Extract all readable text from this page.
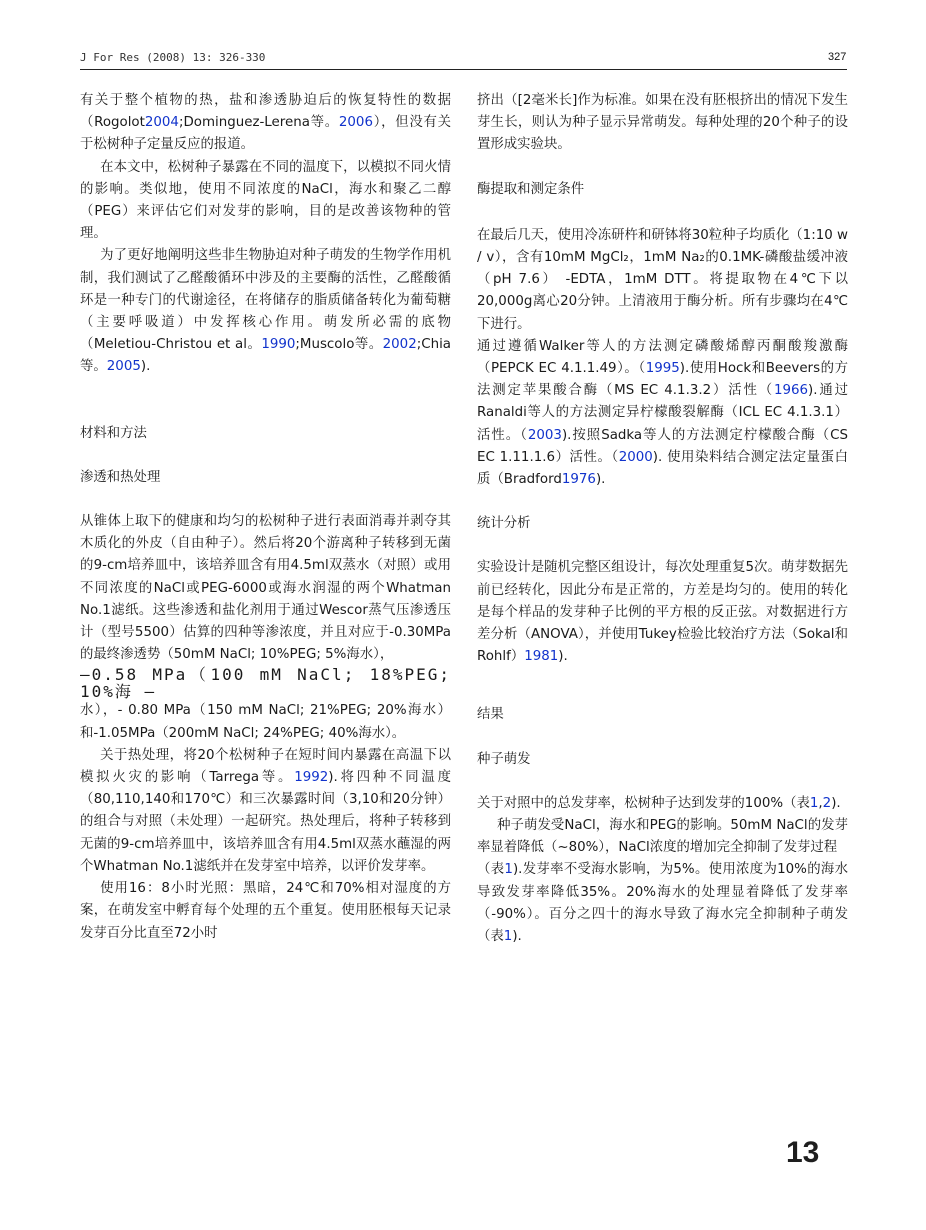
J For Res (2008) 13: 326-330	327

有关于整个植物的热，盐和渗透胁迫后的恢复特性的数据（Rogolot2004;Dominguez-Lerena等。2006），但没有关于松树种子定量反应的报道。

在本文中，松树种子暴露在不同的温度下，以模拟不同火情的影响。类似地，使用不同浓度的NaCl，海水和聚乙二醇（PEG）来评估它们对发芽的影响，目的是改善该物种的管理。

为了更好地阐明这些非生物胁迫对种子萌发的生物学作用机制，我们测试了乙醛酸循环中涉及的主要酶的活性，乙醛酸循环是一种专门的代谢途径，在将储存的脂质储备转化为葡萄糖（主要呼吸道）中发挥核心作用。萌发所必需的底物（Meletiou-Christou et al。1990;Muscolo等。2002;Chia等。2005).

材料和方法

渗透和热处理

从锥体上取下的健康和均匀的松树种子进行表面消毒并剥夺其木质化的外皮（自由种子）。然后将20个游离种子转移到无菌的9-cm培养皿中，该培养皿含有用4.5ml双蒸水（对照）或用不同浓度的NaCl或PEG-6000或海水润湿的两个Whatman No.1滤纸。这些渗透和盐化剂用于通过Wescor蒸气压渗透压计（型号5500）估算的四种等渗浓度，并且对应于-0.30MPa的最终渗透势（50mM NaCl; 10%PEG; 5%海水），

—0.58 MPa（100 mM NaCl; 18%PEG; 10%海 —

水），- 0.80 MPa（150 mM NaCl; 21%PEG; 20%海水）和-1.05MPa（200mM NaCl; 24%PEG; 40%海水）。

关于热处理，将20个松树种子在短时间内暴露在高温下以模拟火灾的影响（Tarrega等。1992).将四种不同温度（80,110,140和170℃）和三次暴露时间（3,10和20分钟）的组合与对照（未处理）一起研究。热处理后，将种子转移到无菌的9-cm培养皿中，该培养皿含有用4.5ml双蒸水蘸湿的两个Whatman No.1滤纸并在发芽室中培养，以评价发芽率。

使用16：8小时光照：黑暗，24℃和70%相对湿度的方案，在萌发室中孵育每个处理的五个重复。使用胚根每天记录发芽百分比直至72小时

挤出（[2毫米长]作为标准。如果在没有胚根挤出的情况下发生芽生长，则认为种子显示异常萌发。每种处理的20个种子的设置形成实验块。

酶提取和测定条件

在最后几天，使用冷冻研杵和研钵将30粒种子均质化（1:10 w / v），含有10mM MgCl₂，1mM Na₂的0.1MK-磷酸盐缓冲液（pH 7.6） -EDTA，1mM DTT。将提取物在4℃下以20,000g离心20分钟。上清液用于酶分析。所有步骤均在4℃下进行。

通过遵循Walker等人的方法测定磷酸烯醇丙酮酸羧激酶（PEPCK EC 4.1.1.49）。（1995).使用Hock和Beevers的方法测定苹果酸合酶（MS EC 4.1.3.2）活性（1966).通过Ranaldi等人的方法测定异柠檬酸裂解酶（ICL EC 4.1.3.1）活性。（2003).按照Sadka等人的方法测定柠檬酸合酶（CS EC 1.11.1.6）活性。（2000). 使用染料结合测定法定量蛋白质（Bradford1976).

统计分析

实验设计是随机完整区组设计，每次处理重复5次。萌芽数据先前已经转化，因此分布是正常的，方差是均匀的。使用的转化是每个样品的发芽种子比例的平方根的反正弦。对数据进行方差分析（ANOVA），并使用Tukey检验比较治疗方法（Sokal和Rohlf）1981).

结果

种子萌发

关于对照中的总发芽率，松树种子达到发芽的100%（表1,2).

种子萌发受NaCl，海水和PEG的影响。50mM NaCl的发芽率显着降低（~80%），NaCl浓度的增加完全抑制了发芽过程

（表1).发芽率不受海水影响，为5%。使用浓度为10%的海水导致发芽率降低35%。20%海水的处理显着降低了发芽率（-90%）。百分之四十的海水导致了海水完全抑制种子萌发（表1).

13
